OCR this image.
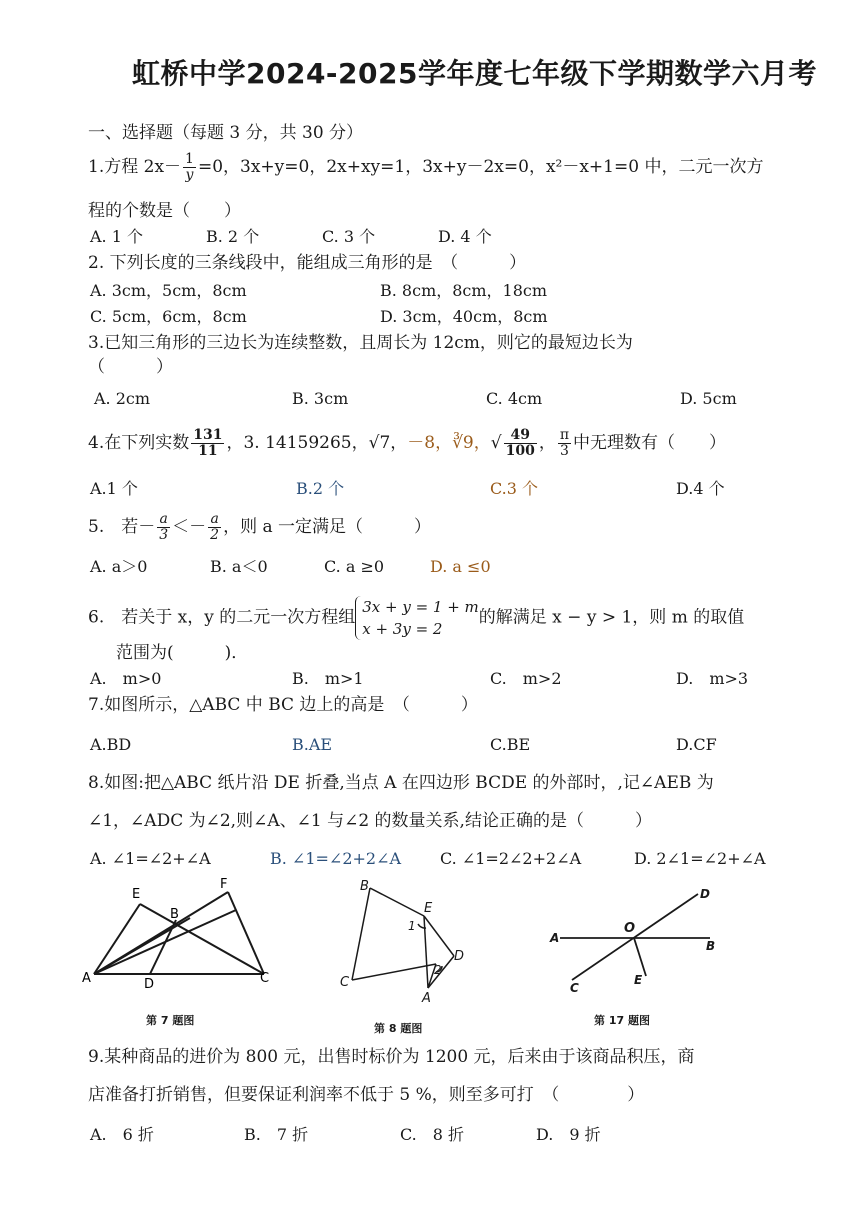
虹桥中学2024-2025学年度七年级下学期数学六月考
一、选择题（每题 3 分，共 30 分）
1.方程 $2x- \frac{1}{y} =0$，3x+y=0，2x+xy=1，3x+y－2x=0，x²－x+1=0 中，二元一次方
程的个数是（　　）
A. 1 个	B. 2 个	C. 3 个	D. 4 个
2. 下列长度的三条线段中，能组成三角形的是　（　　　）
A. 3cm，5cm，8cm	B. 8cm，8cm，18cm
C. 5cm，6cm，8cm	D. 3cm，40cm，8cm
3.已知三角形的三边长为连续整数，且周长为 12cm，则它的最短边长为
（　　　）
A. 2cm	B. 3cm	C. 4cm	D. 5cm
4.在下列实数 $\frac{131}{11}$ ，3. 14159265，√7，－8，∛9，√ $\frac{49}{100}$ ， $\frac{\pi}{3}$ 中无理数有（　　）
A.1 个	B.2 个	C.3 个	D.4 个
5.　若－ $\frac{a}{3} <- \frac{a}{2}$ ，则 a 一定满足（　　　）
A. a＞0	B. a＜0	C. a ≥0	D. a ≤0
6.　若关于 x，y 的二元一次方程组
3x + y = 1 + m
x + 3y = 2
的解满足 x − y > 1，则 m 的取值
范围为(　　　)．
A.　m>0	B.　m>1	C.　m>2	D.　m>3
7.如图所示，△ABC 中 BC 边上的高是　（　　　）
A.BD	B.AE	C.BE	D.CF
8.如图:把△ABC 纸片沿 DE 折叠,当点 A 在四边形 BCDE 的外部时，,记∠AEB 为
∠1，∠ADC 为∠2,则∠A、∠1 与∠2 的数量关系,结论正确的是（　　　）
A. ∠1=∠2+∠A	B. ∠1=∠2+2∠A C. ∠1=2∠2+2∠A	D. 2∠1=∠2+∠A
E
F
B
A	D	C
第 7 题图
B
E
1
C
2
D
A
第 8 题图
D
O
A
B
C
E
第 17 题图
9.某种商品的进价为 800 元，出售时标价为 1200 元，后来由于该商品积压，商
店准备打折销售，但要保证利润率不低于 5 %，则至多可打　（　　　　）
A.　6 折	B.　7 折	C.　8 折	D.　9 折
